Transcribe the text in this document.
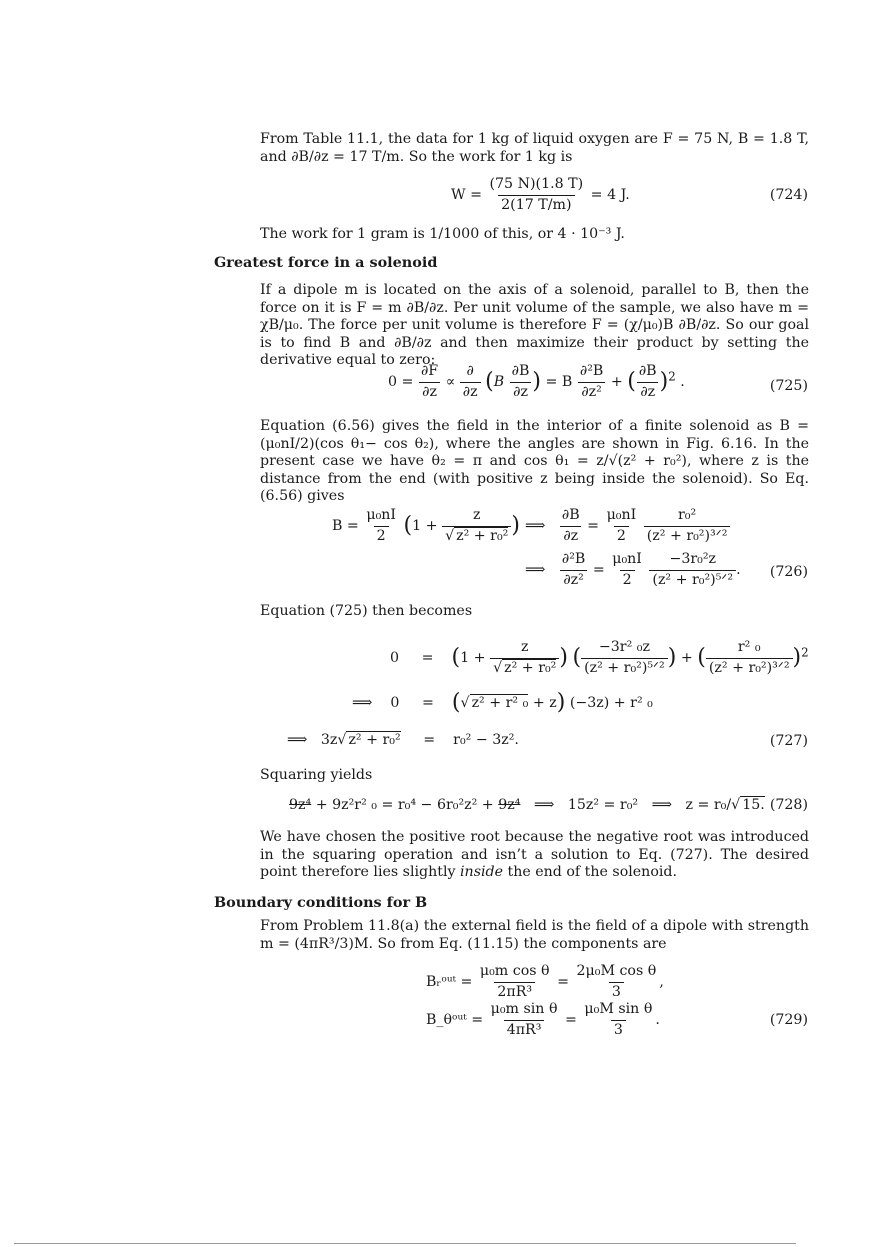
From Table 11.1, the data for 1 kg of liquid oxygen are F = 75 N, B = 1.8 T, and ∂B/∂z = 17 T/m. So the work for 1 kg is

$W = \frac{(75 N)(1.8 T)}{2(17 T/m)} = 4$ J.	(724)

The work for 1 gram is 1/1000 of this, or 4 · 10⁻³ J.

Greatest force in a solenoid

If a dipole m is located on the axis of a solenoid, parallel to B, then the force on it is F = m ∂B/∂z. Per unit volume of the sample, we also have m = χB/μ₀. The force per unit volume is therefore F = (χ/μ₀)B ∂B/∂z. So our goal is to find B and ∂B/∂z and then maximize their product by setting the derivative equal to zero:

$0 = \frac{\partial F}{\partial z} \propto \frac{\partial}{\partial z} (B \frac{\partial B}{\partial z}$ ) = B $\frac{\text{∂²B}}{\text{∂z²}}$ + ( $\frac{\partial B}{\partial z} )^2$ .	(725)

Equation (6.56) gives the field in the interior of a finite solenoid as B = (μ₀nI/2)(cos θ₁− cos θ₂), where the angles are shown in Fig. 6.16. In the present case we have θ₂ = π and cos θ₁ = z/√(z² + r₀²), where z is the distance from the end (with positive z being inside the solenoid). So Eq. (6.56) gives

$B = \frac{\text{μ₀nI}}{2} (1 + \frac{z}{\text{√ z² + r₀²}}$ ) ⟹ $\frac{\partial B}{\partial z} = \frac{\text{μ₀nI}}{2}$
$\frac{\text{r₀²}}{\text{(z² + r₀²)³ᐟ²}}$
⟹ $\frac{\text{∂²B}}{\text{∂z²}} = \frac{\text{μ₀nI}}{2}$
$\frac{\text{−3r₀²z}}{\text{(z² + r₀²)⁵ᐟ²}}$ . (726)

Equation (725) then becomes

$0 = (1 + \frac{z}{\text{√ z² + r₀²}}$ ) ( $\frac{\text{−3r² ₀z}}{\text{(z² + r₀²)⁵ᐟ²}}$ ) + ( $\frac{\text{r² ₀}}{\text{(z² + r₀²)³ᐟ²}} )^2$
⟹ 0 = (√ z² + r² ₀ + z) (−3z) + r² ₀
⟹ 3z√ z² + r₀² = r₀² − 3z².	(727)

Squaring yields

9z⁴ + 9z²r² ₀ = r₀⁴ − 6r₀²z² + 9z⁴ ⟹ 15z² = r₀² ⟹ z = r₀/√ 15. (728)

We have chosen the positive root because the negative root was introduced in the squaring operation and isn’t a solution to Eq. (727). The desired point therefore lies slightly inside the end of the solenoid.

Boundary conditions for B

From Problem 11.8(a) the external field is the field of a dipole with strength m = (4πR³/3)M. So from Eq. (11.15) the components are

Bᵣᵒᵘᵗ = $\frac{\text{μ₀m cos θ}}{\text{2πR³}} = \frac{\text{2μ₀M cos θ}}{3}$ ,
B_θᵒᵘᵗ = $\frac{\text{μ₀m sin θ}}{\text{4πR³}} = \frac{\text{μ₀M sin θ}}{3}$ .	(729)
